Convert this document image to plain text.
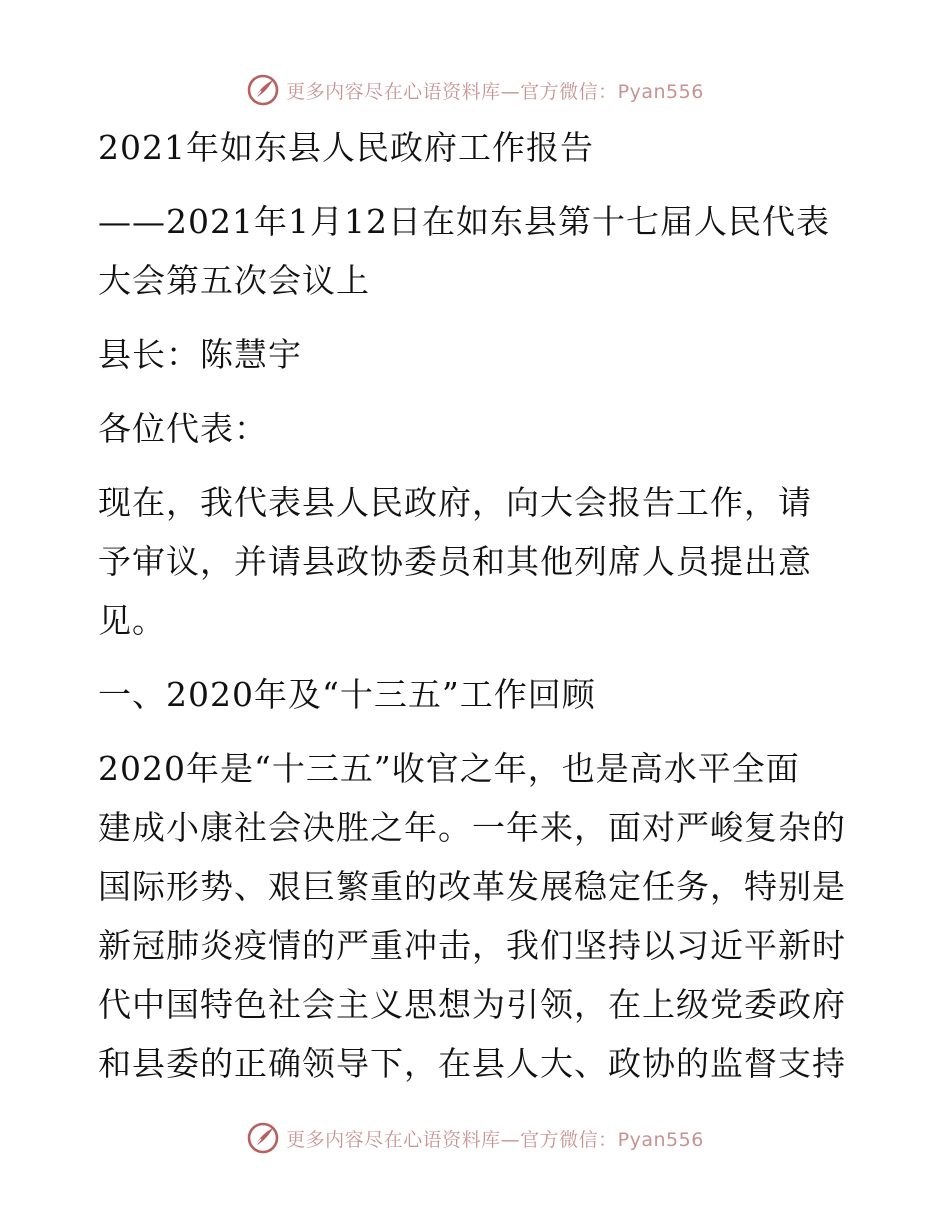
更多内容尽在心语资料库—官方微信：Pyan556
2021年如东县人民政府工作报告
——2021年1月12日在如东县第十七届人民代表
大会第五次会议上
县长：陈慧宇
各位代表：
现在，我代表县人民政府，向大会报告工作，请
予审议，并请县政协委员和其他列席人员提出意
见。
一、2020年及“十三五”工作回顾
2020年是“十三五”收官之年，也是高水平全面
建成小康社会决胜之年。一年来，面对严峻复杂的
国际形势、艰巨繁重的改革发展稳定任务，特别是
新冠肺炎疫情的严重冲击，我们坚持以习近平新时
代中国特色社会主义思想为引领，在上级党委政府
和县委的正确领导下，在县人大、政协的监督支持
更多内容尽在心语资料库—官方微信：Pyan556
